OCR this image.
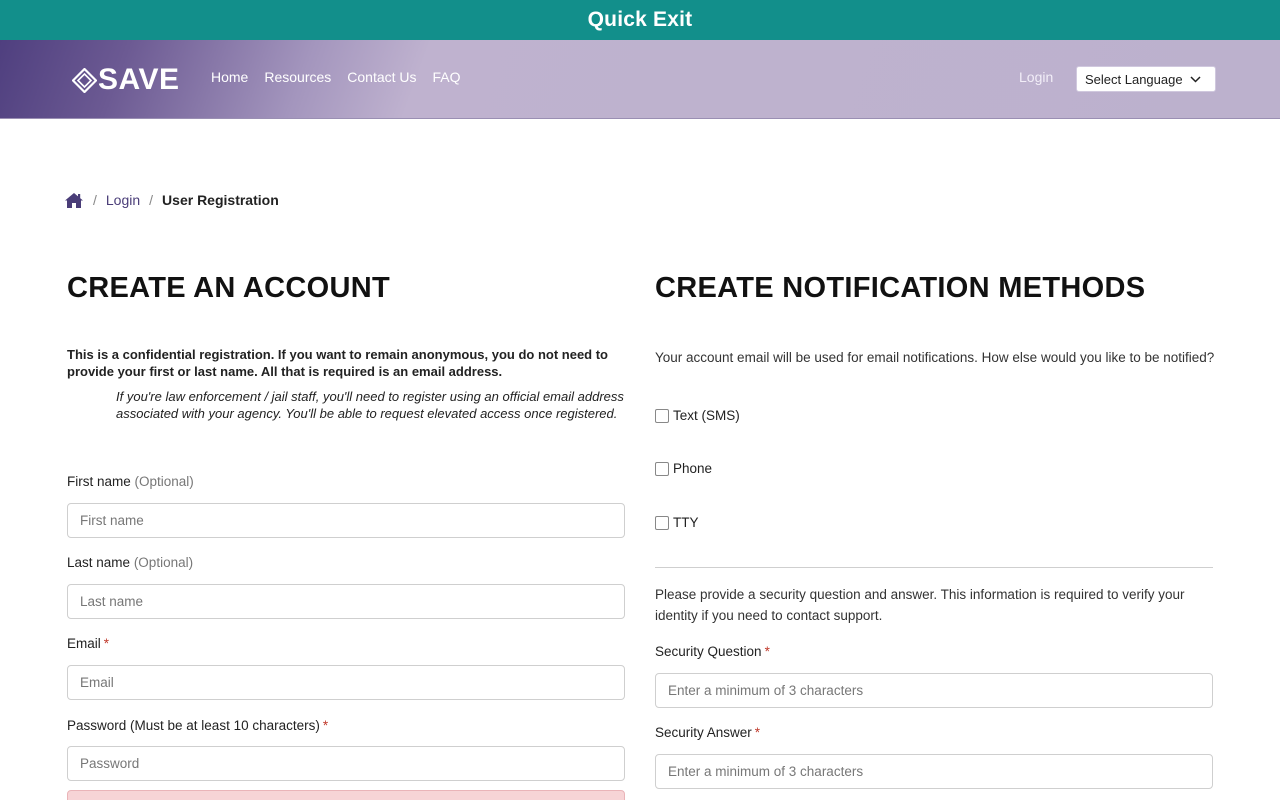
Quick Exit
SAVE Home Resources Contact Us FAQ	Login Select Language
/ Login / User Registration
CREATE AN ACCOUNT

This is a confidential registration. If you want to remain anonymous, you do not need to provide your first or last name. All that is required is an email address.

If you're law enforcement / jail staff, you'll need to register using an official email address associated with your agency. You'll be able to request elevated access once registered.

First name (Optional)
First name
Last name (Optional)
Last name
Email *
Email
Password (Must be at least 10 characters) *
CREATE NOTIFICATION METHODS

Your account email will be used for email notifications. How else would you like to be notified?

Text (SMS)
Phone
TTY

Please provide a security question and answer. This information is required to verify your identity if you need to contact support.

Security Question *
Enter a minimum of 3 characters
Security Answer *
Enter a minimum of 3 characters
